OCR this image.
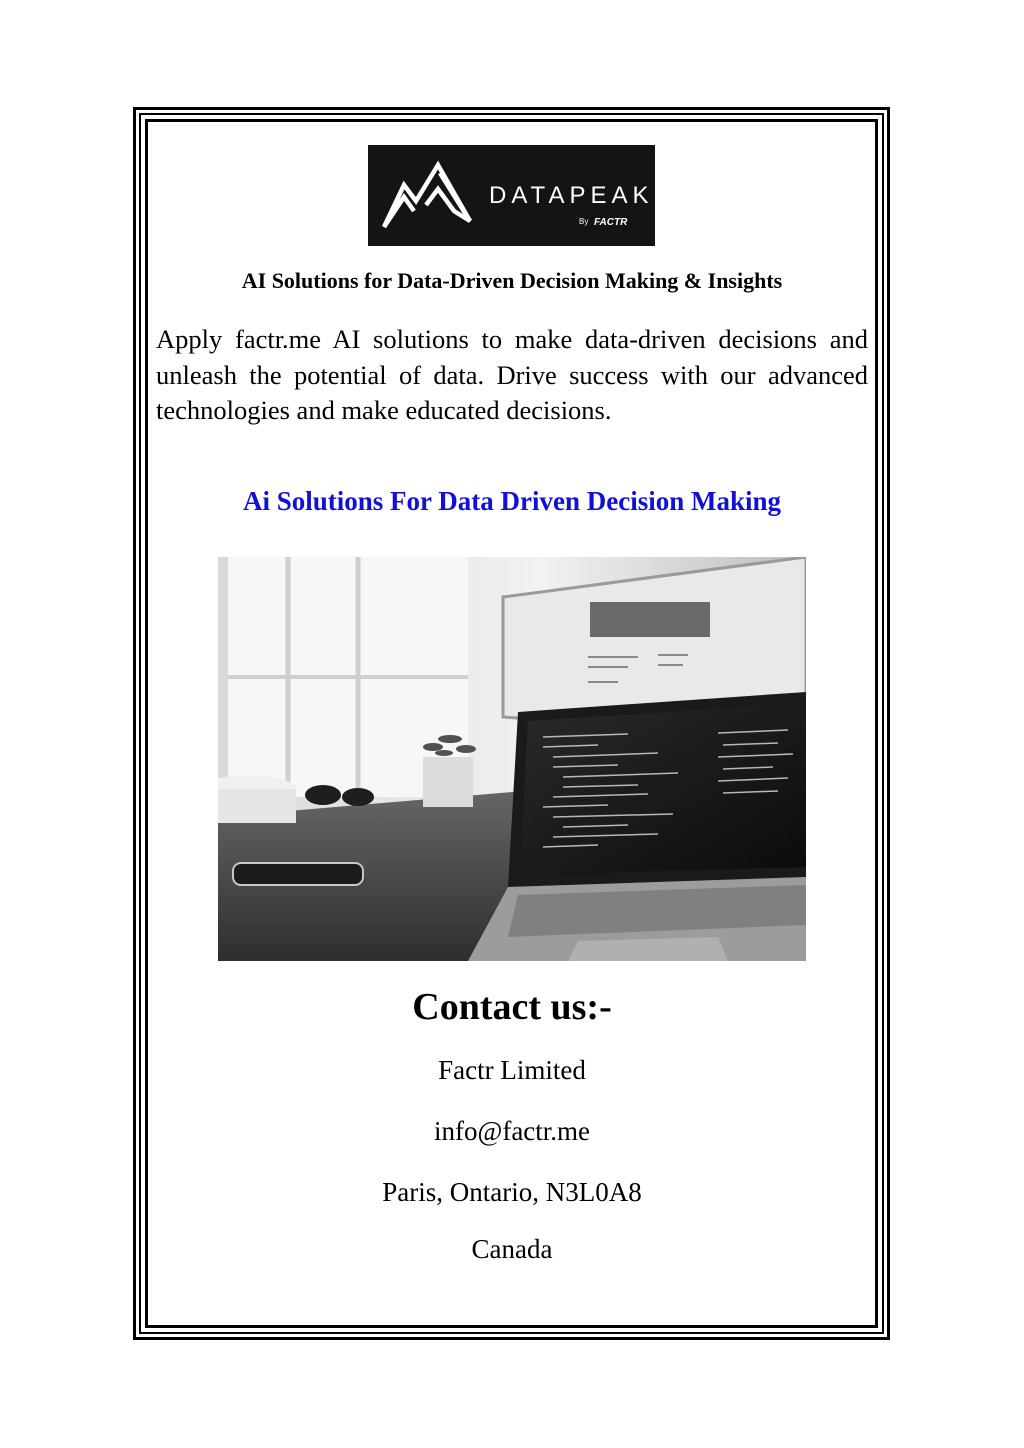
DATAPEAK
By FACTR
AI Solutions for Data-Driven Decision Making & Insights

Apply factr.me AI solutions to make data-driven decisions and unleash the potential of data. Drive success with our advanced technologies and make educated decisions.

Ai Solutions For Data Driven Decision Making
Contact us:-
Factr Limited
info@factr.me
Paris, Ontario, N3L0A8
Canada
